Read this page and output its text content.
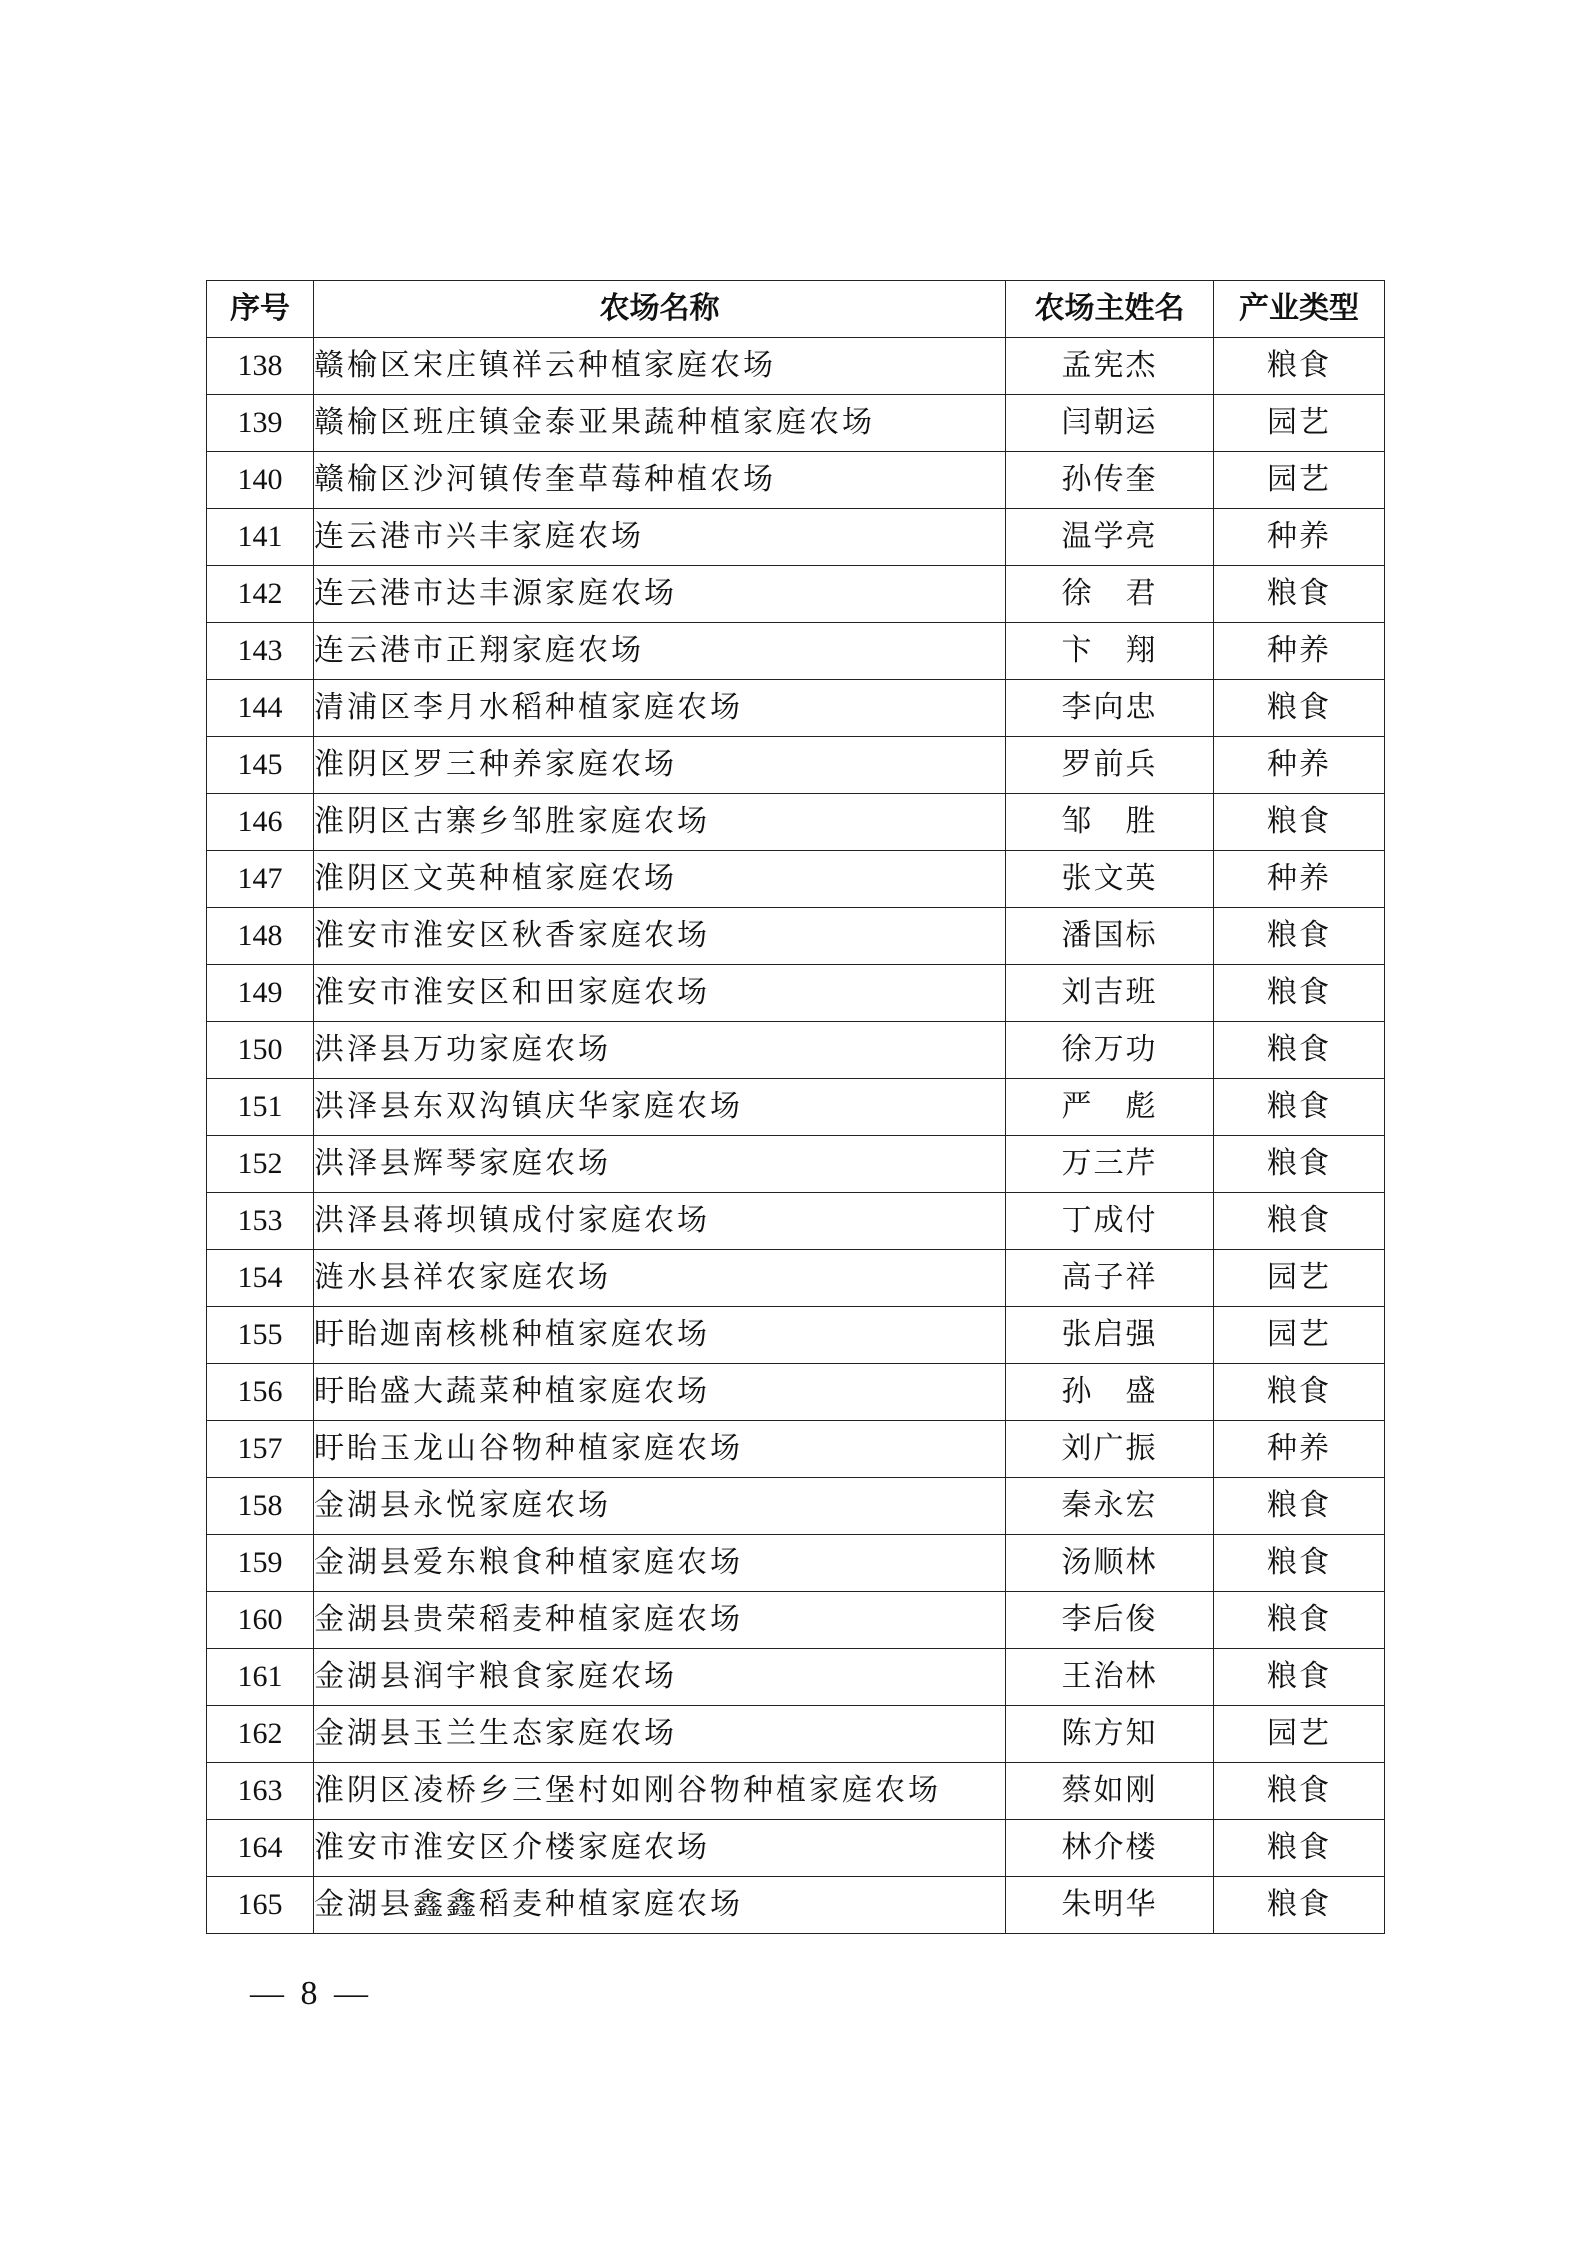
序号	农场名称	农场主姓名	产业类型
138	赣榆区宋庄镇祥云种植家庭农场	孟宪杰	粮食
139	赣榆区班庄镇金泰亚果蔬种植家庭农场	闫朝运	园艺
140	赣榆区沙河镇传奎草莓种植农场	孙传奎	园艺
141	连云港市兴丰家庭农场	温学亮	种养
142	连云港市达丰源家庭农场	徐　君	粮食
143	连云港市正翔家庭农场	卞　翔	种养
144	清浦区李月水稻种植家庭农场	李向忠	粮食
145	淮阴区罗三种养家庭农场	罗前兵	种养
146	淮阴区古寨乡邹胜家庭农场	邹　胜	粮食
147	淮阴区文英种植家庭农场	张文英	种养
148	淮安市淮安区秋香家庭农场	潘国标	粮食
149	淮安市淮安区和田家庭农场	刘吉班	粮食
150	洪泽县万功家庭农场	徐万功	粮食
151	洪泽县东双沟镇庆华家庭农场	严　彪	粮食
152	洪泽县辉琴家庭农场	万三芹	粮食
153	洪泽县蒋坝镇成付家庭农场	丁成付	粮食
154	涟水县祥农家庭农场	高子祥	园艺
155	盱眙迦南核桃种植家庭农场	张启强	园艺
156	盱眙盛大蔬菜种植家庭农场	孙　盛	粮食
157	盱眙玉龙山谷物种植家庭农场	刘广振	种养
158	金湖县永悦家庭农场	秦永宏	粮食
159	金湖县爱东粮食种植家庭农场	汤顺林	粮食
160	金湖县贵荣稻麦种植家庭农场	李后俊	粮食
161	金湖县润宇粮食家庭农场	王治林	粮食
162	金湖县玉兰生态家庭农场	陈方知	园艺
163	淮阴区凌桥乡三堡村如刚谷物种植家庭农场	蔡如刚	粮食
164	淮安市淮安区介楼家庭农场	林介楼	粮食
165	金湖县鑫鑫稻麦种植家庭农场	朱明华	粮食
— 8 —
